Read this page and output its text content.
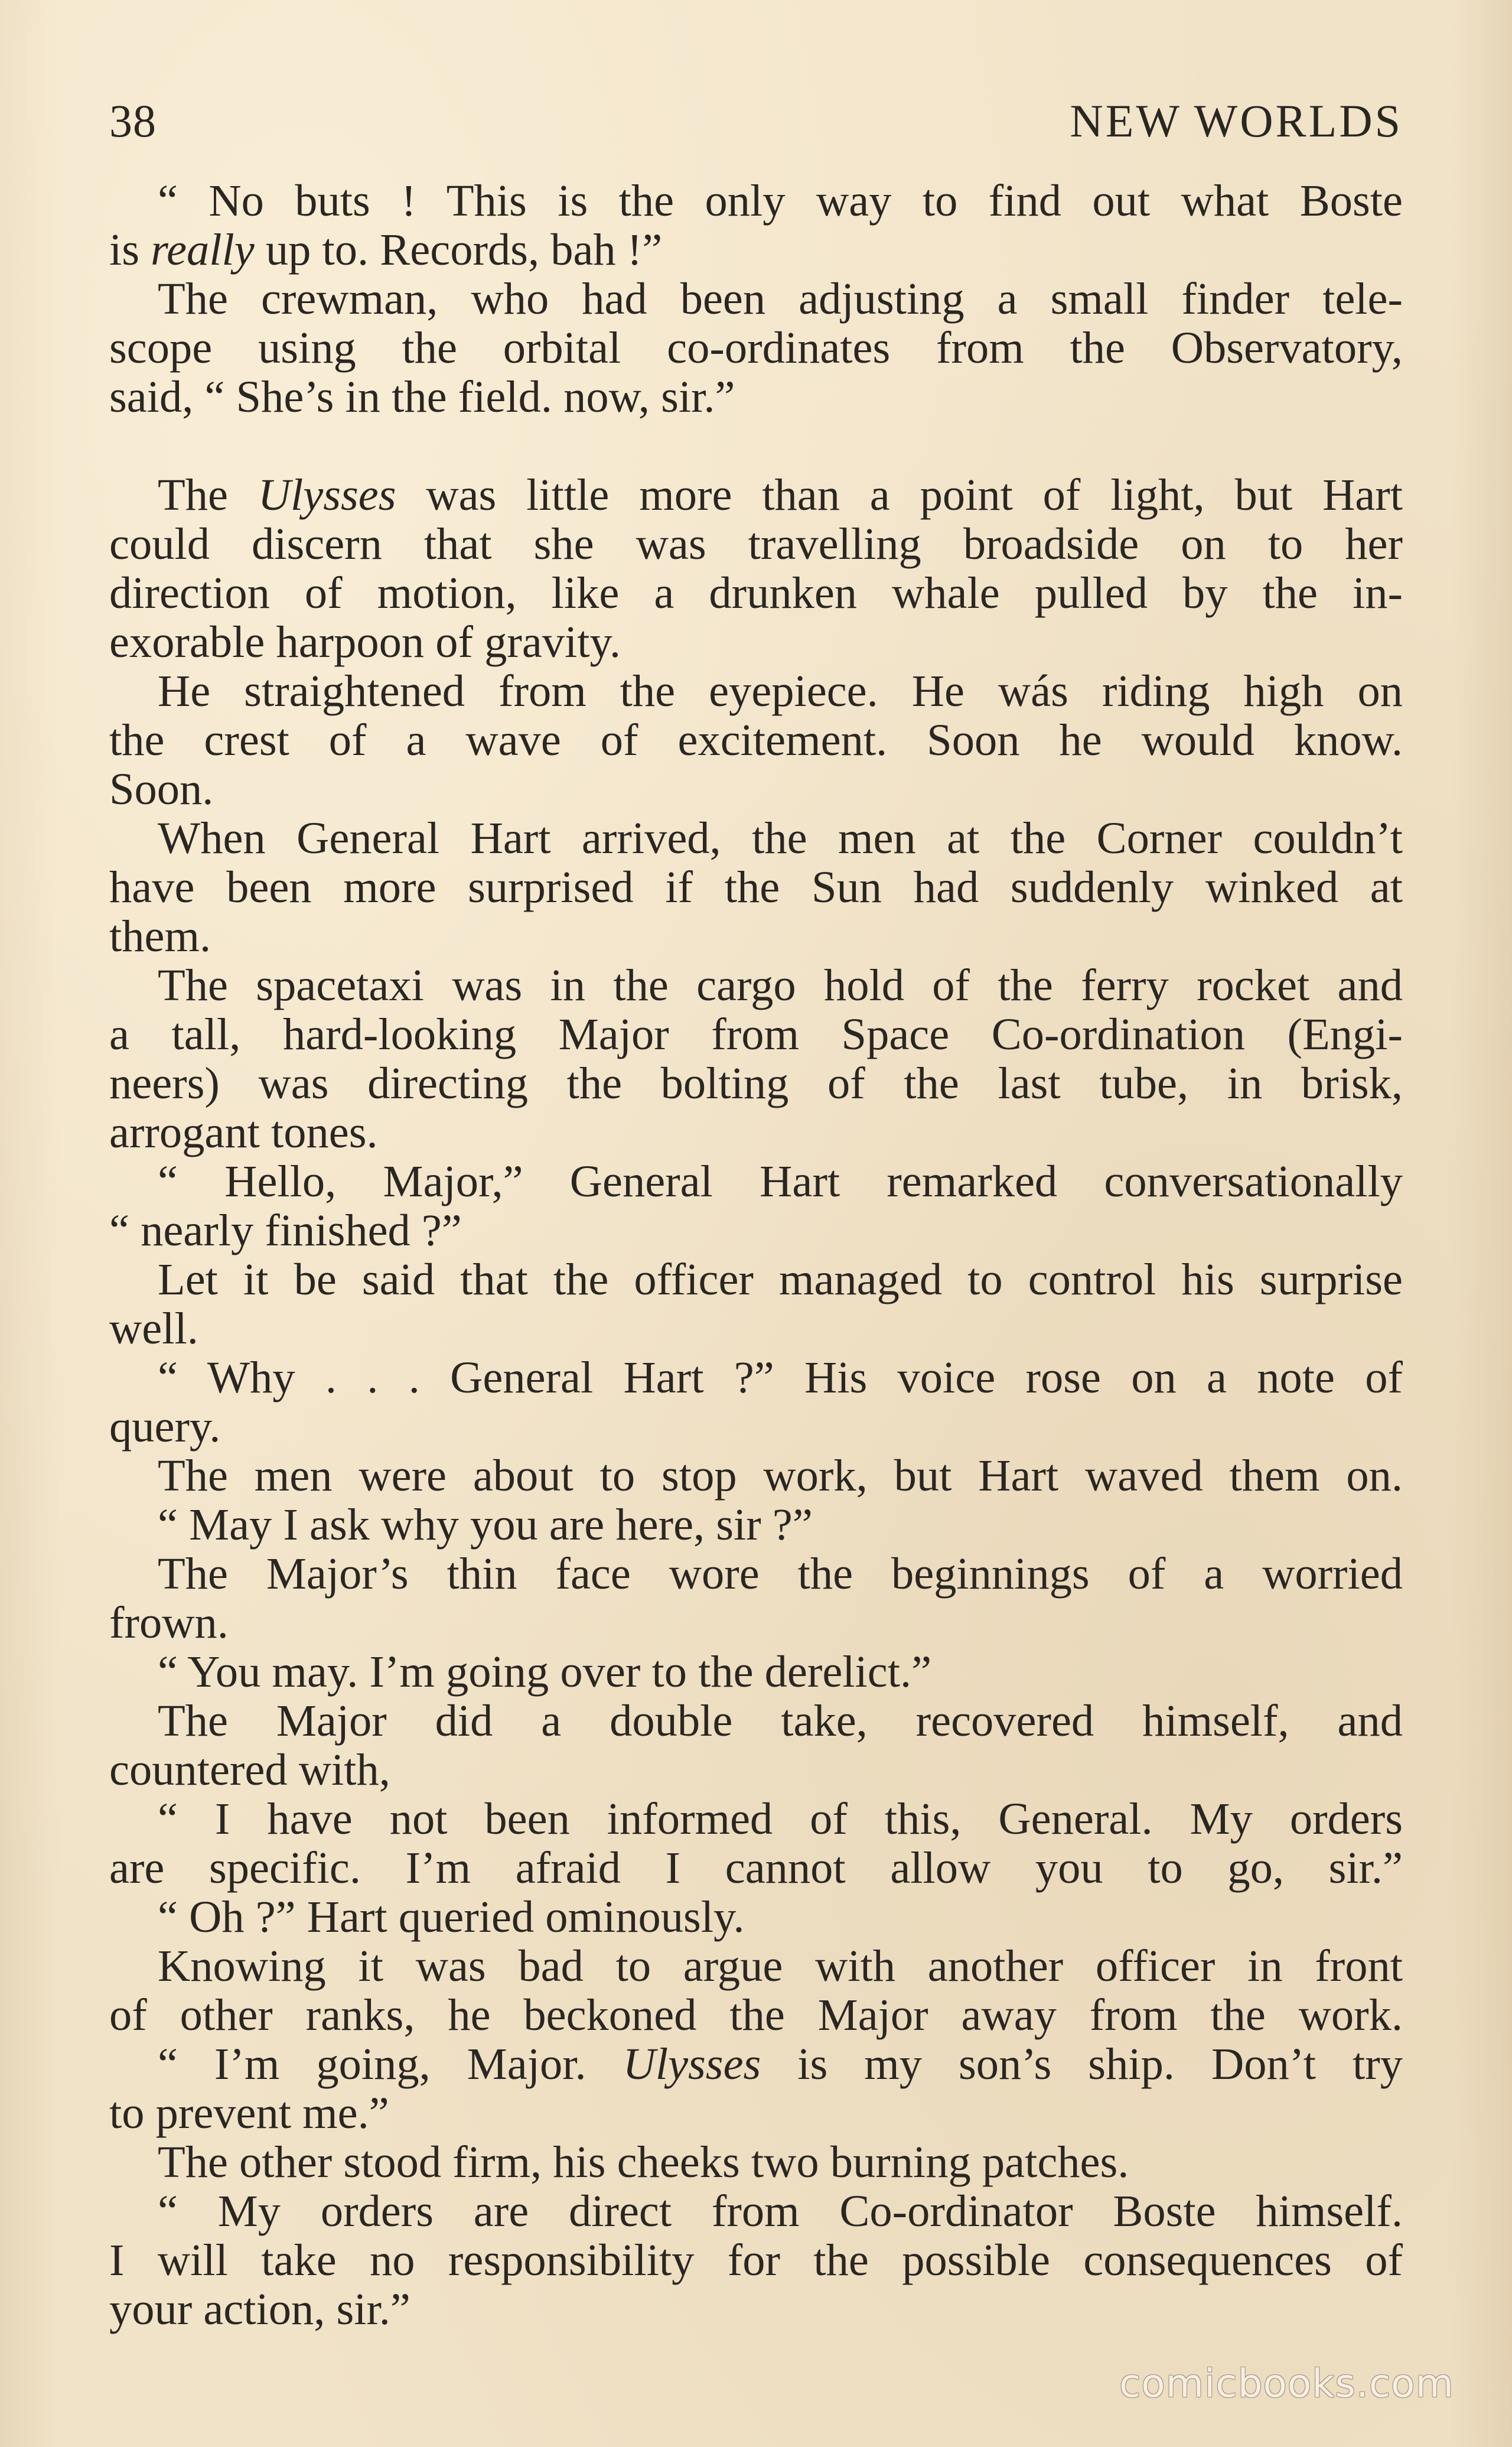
38	NEW WORLDS
“ No buts ! This is the only way to find out what Boste
is really up to. Records, bah !”
The crewman, who had been adjusting a small finder tele-
scope using the orbital co-ordinates from the Observatory,
said, “ She’s in the field. now, sir.”
The Ulysses was little more than a point of light, but Hart
could discern that she was travelling broadside on to her
direction of motion, like a drunken whale pulled by the in-
exorable harpoon of gravity.
He straightened from the eyepiece. He wás riding high on
the crest of a wave of excitement. Soon he would know.
Soon.
When General Hart arrived, the men at the Corner couldn’t
have been more surprised if the Sun had suddenly winked at
them.
The spacetaxi was in the cargo hold of the ferry rocket and
a tall, hard-looking Major from Space Co-ordination (Engi-
neers) was directing the bolting of the last tube, in brisk,
arrogant tones.
“ Hello, Major,” General Hart remarked conversationally
“ nearly finished ?”
Let it be said that the officer managed to control his surprise
well.
“ Why . . . General Hart ?” His voice rose on a note of
query.
The men were about to stop work, but Hart waved them on.
“ May I ask why you are here, sir ?”
The Major’s thin face wore the beginnings of a worried
frown.
“ You may. I’m going over to the derelict.”
The Major did a double take, recovered himself, and
countered with,
“ I have not been informed of this, General. My orders
are specific. I’m afraid I cannot allow you to go, sir.”
“ Oh ?” Hart queried ominously.
Knowing it was bad to argue with another officer in front
of other ranks, he beckoned the Major away from the work.
“ I’m going, Major. Ulysses is my son’s ship. Don’t try
to prevent me.”
The other stood firm, his cheeks two burning patches.
“ My orders are direct from Co-ordinator Boste himself.
I will take no responsibility for the possible consequences of
your action, sir.”
comicbooks.com
